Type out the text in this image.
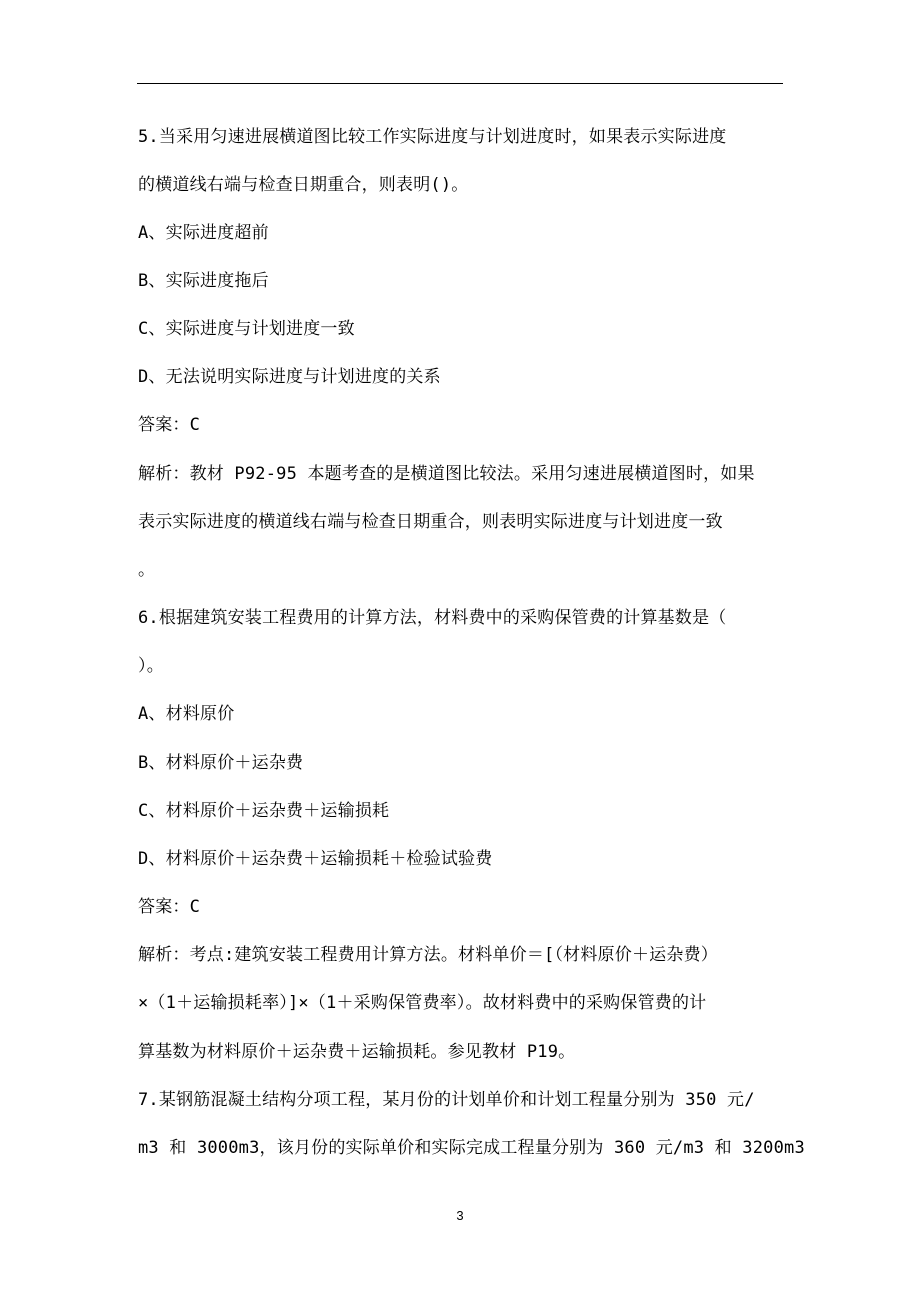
5.当采用匀速进展横道图比较工作实际进度与计划进度时，如果表示实际进度
的横道线右端与检查日期重合，则表明()。
A、实际进度超前
B、实际进度拖后
C、实际进度与计划进度一致
D、无法说明实际进度与计划进度的关系
答案：C
解析：教材 P92-95 本题考查的是横道图比较法。采用匀速进展横道图时，如果
表示实际进度的横道线右端与检查日期重合，则表明实际进度与计划进度一致
。
6.根据建筑安装工程费用的计算方法，材料费中的采购保管费的计算基数是（
）。
A、材料原价
B、材料原价＋运杂费
C、材料原价＋运杂费＋运输损耗
D、材料原价＋运杂费＋运输损耗＋检验试验费
答案：C
解析：考点:建筑安装工程费用计算方法。材料单价＝[（材料原价＋运杂费）
×（1＋运输损耗率）]×（1＋采购保管费率）。故材料费中的采购保管费的计
算基数为材料原价＋运杂费＋运输损耗。参见教材 P19。
7.某钢筋混凝土结构分项工程，某月份的计划单价和计划工程量分别为 350 元/
m3 和 3000m3，该月份的实际单价和实际完成工程量分别为 360 元/m3 和 3200m3
3
